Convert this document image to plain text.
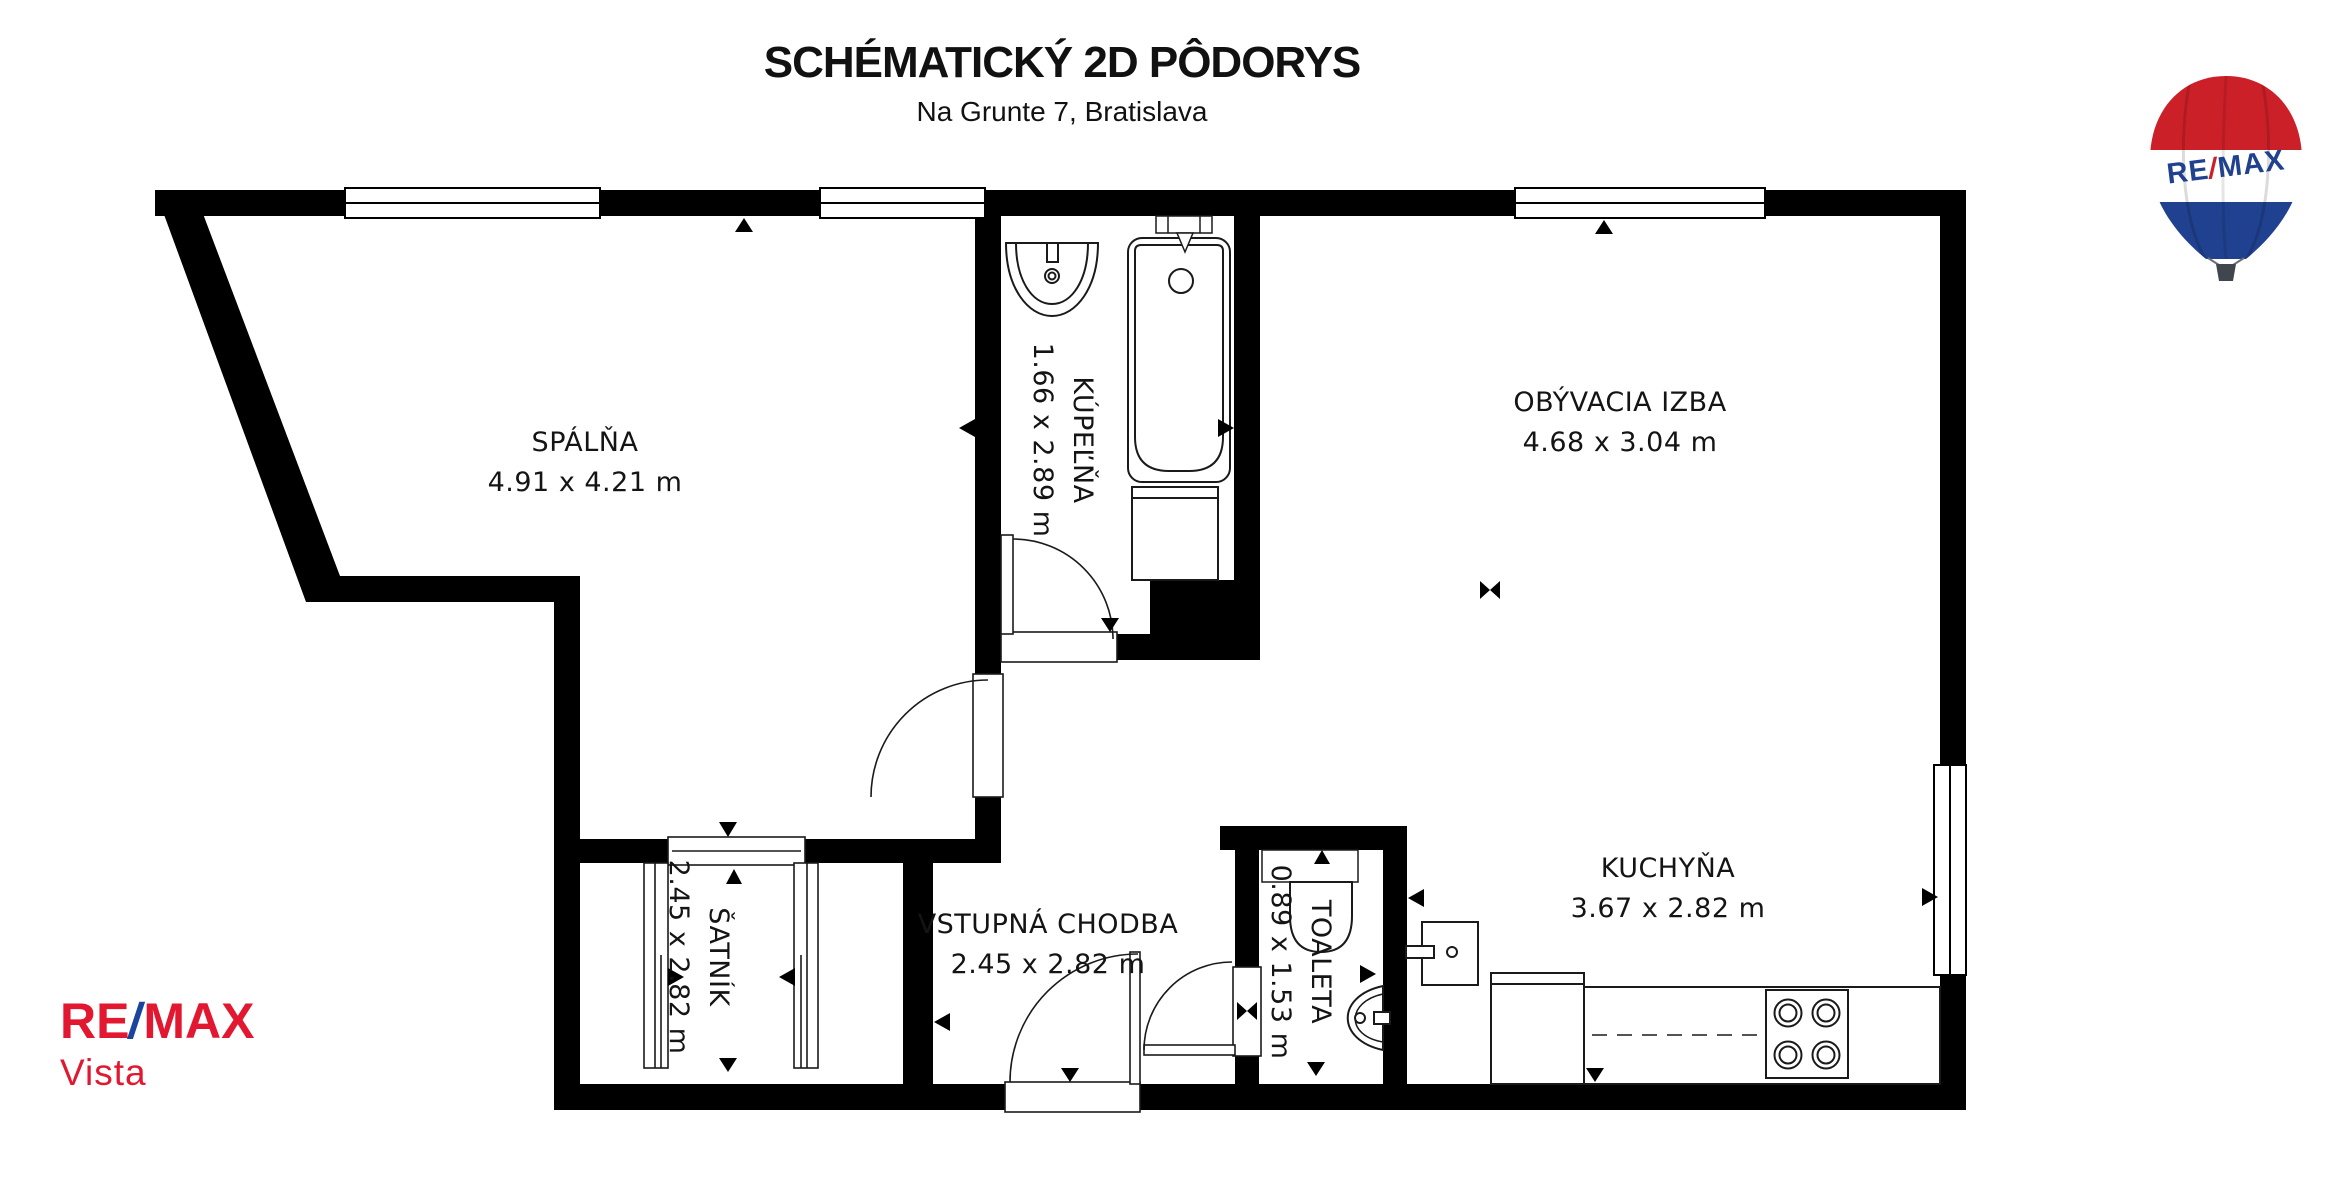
SCHÉMATICKÝ 2D PÔDORYS
Na Grunte 7, Bratislava
SPÁLŇA
4.91 x 4.21 m	KÚPEĽŇA
1.66 x 2.89 m	OBÝVACIA IZBA
4.68 x 3.04 m
KUCHYŇA
3.67 x 2.82 m
ŠATNÍK
2.45 x 2.82 m	VSTUPNÁ CHODBA
2.45 x 2.82 m	TOALETA
0.89 x 1.53 m
RE/MAX
RE/MAX
Vista
